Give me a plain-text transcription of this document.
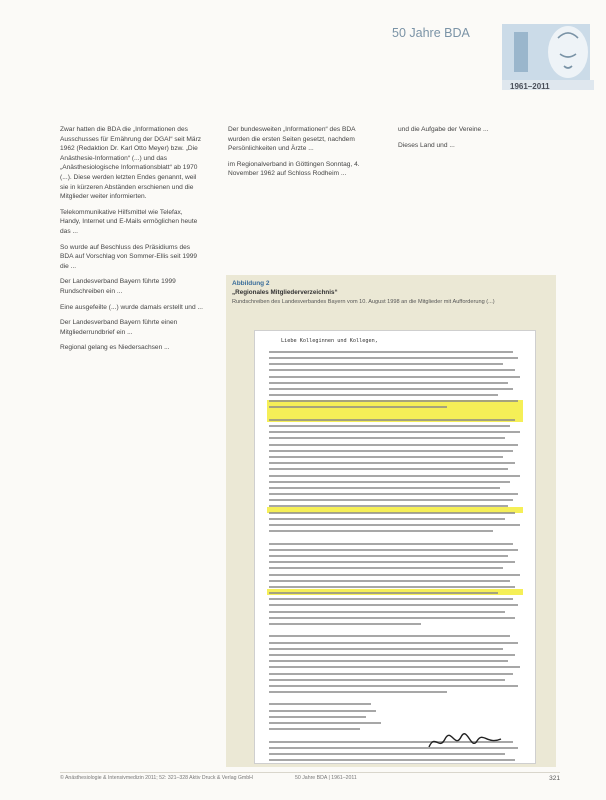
50 Jahre BDA
1961–2011

Zwar hatten die BDA die „Informationen des Ausschusses für Ernährung der DGAI“ seit März 1962 (Redaktion Dr. Karl Otto Meyer) bzw. „Die Anästhesie-Information“ (...) und das „Anästhesiologische Informationsblatt“ ab 1970 (...). Diese werden letzten Endes genannt, weil sie in kürzeren Abständen erschienen und die Mitglieder weiter informierten.

Telekommunikative Hilfsmittel wie Telefax, Handy, Internet und E-Mails ermöglichen heute das ...

So wurde auf Beschluss des Präsidiums des BDA auf Vorschlag von Sommer-Ellis seit 1999 die ...

Der Landesverband Bayern führte 1999 Rundschreiben ein ...

Eine ausgefeilte (...) wurde damals erstellt und ...

Der Landesverband Bayern führte einen Mitgliederrundbrief ein ...

Regional gelang es Niedersachsen ...

Der bundesweiten „Informationen“ des BDA wurden die ersten Seiten gesetzt, nachdem Persönlichkeiten und Ärzte ...

im Regionalverband in Göttingen Sonntag, 4. November 1962 auf Schloss Rodheim ...

und die Aufgabe der Vereine ...

Dieses Land und ...

Abbildung 2
„Regionales Mitgliederverzeichnis“
Rundschreiben des Landesverbandes Bayern vom 10. August 1998 an die Mitglieder mit Aufforderung (...)
Liebe Kolleginnen und Kollegen,
© Anästhesiologie & Intensivmedizin 2011; 52: 321–328 Aktiv Druck & Verlag GmbH	50 Jahre BDA | 1961–2011	321
